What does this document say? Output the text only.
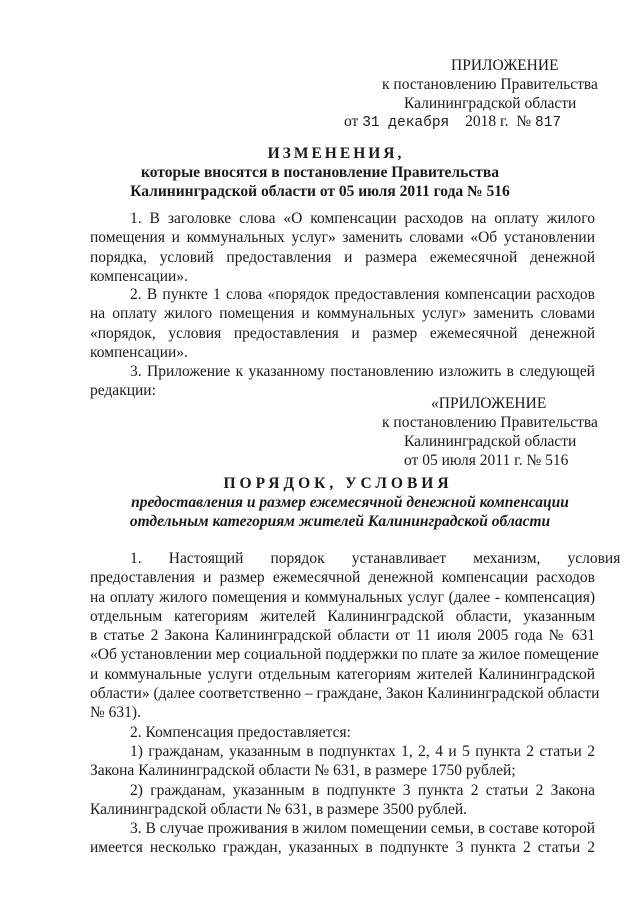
ПРИЛОЖЕНИЕ
к постановлению Правительства
Калининградской области
от 31 декабря 2018 г. № 817
ИЗМЕНЕНИЯ,
которые вносятся в постановление Правительства
Калининградской области от 05 июля 2011 года № 516
1. В заголовке слова «О компенсации расходов на оплату жилого
помещения и коммунальных услуг» заменить словами «Об установлении
порядка, условий предоставления и размера ежемесячной денежной
компенсации».
2. В пункте 1 слова «порядок предоставления компенсации расходов
на оплату жилого помещения и коммунальных услуг» заменить словами
«порядок, условия предоставления и размер ежемесячной денежной
компенсации».
3. Приложение к указанному постановлению изложить в следующей
редакции:
«ПРИЛОЖЕНИЕ
к постановлению Правительства
Калининградской области
от 05 июля 2011 г. № 516
ПОРЯДОК, УСЛОВИЯ
предоставления и размер ежемесячной денежной компенсации
отдельным категориям жителей Калининградской области
1.       Настоящий       порядок       устанавливает       механизм,       условия
предоставления и размер ежемесячной денежной компенсации расходов
на оплату жилого помещения и коммунальных услуг (далее - компенсация)
отдельным категориям жителей Калининградской области, указанным
в статье 2 Закона Калининградской области от 11 июля 2005 года № 631
«Об установлении мер социальной поддержки по плате за жилое помещение
и коммунальные услуги отдельным категориям жителей Калининградской
области» (далее соответственно – граждане, Закон Калининградской области
№ 631).
2. Компенсация предоставляется:
1) гражданам, указанным в подпунктах 1, 2, 4 и 5 пункта 2 статьи 2
Закона Калининградской области № 631, в размере 1750 рублей;
2) гражданам, указанным в подпункте 3 пункта 2 статьи 2 Закона
Калининградской области № 631, в размере 3500 рублей.
3. В случае проживания в жилом помещении семьи, в составе которой
имеется несколько граждан, указанных в подпункте 3 пункта 2 статьи 2
